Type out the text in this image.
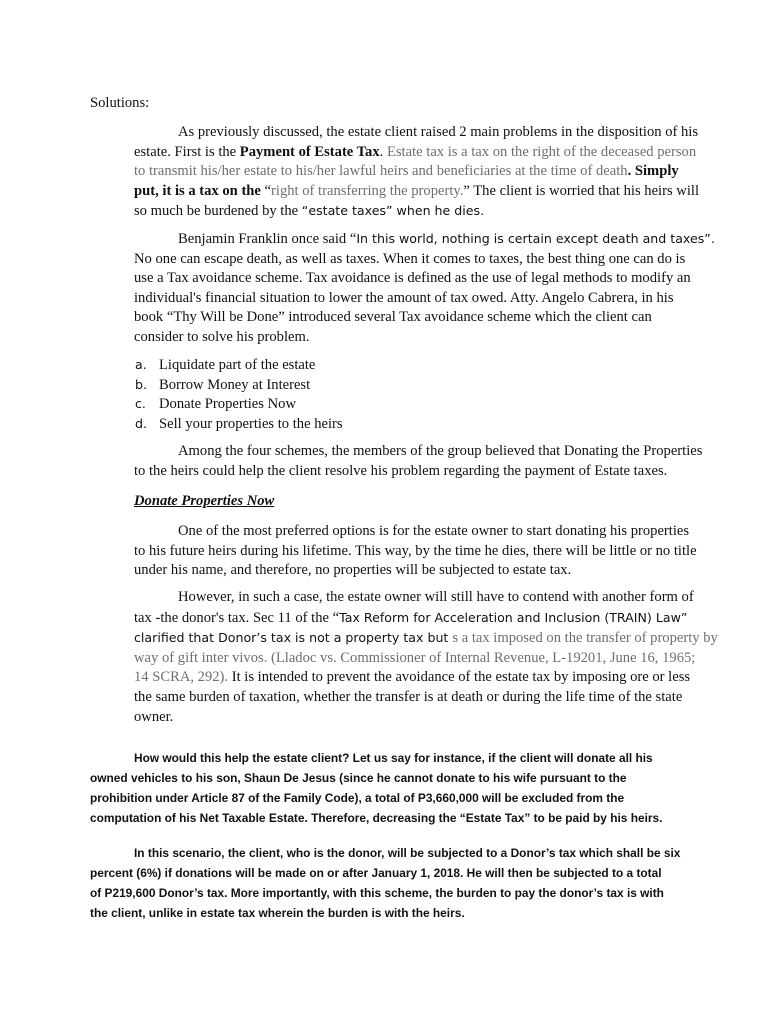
Solutions:

As previously discussed, the estate client raised 2 main problems in the disposition of his
estate. First is the Payment of Estate Tax. Estate tax is a tax on the right of the deceased person
to transmit his/her estate to his/her lawful heirs and beneficiaries at the time of death. Simply
put, it is a tax on the “right of transferring the property.” The client is worried that his heirs will
so much be burdened by the “estate taxes” when he dies.
Benjamin Franklin once said “In this world, nothing is certain except death and taxes”.
No one can escape death, as well as taxes. When it comes to taxes, the best thing one can do is
use a Tax avoidance scheme. Tax avoidance is defined as the use of legal methods to modify an
individual's financial situation to lower the amount of tax owed. Atty. Angelo Cabrera, in his
book “Thy Will be Done” introduced several Tax avoidance scheme which the client can
consider to solve his problem.
a. Liquidate part of the estate
b. Borrow Money at Interest
c. Donate Properties Now
d. Sell your properties to the heirs
Among the four schemes, the members of the group believed that Donating the Properties
to the heirs could help the client resolve his problem regarding the payment of Estate taxes.

Donate Properties Now

One of the most preferred options is for the estate owner to start donating his properties
to his future heirs during his lifetime. This way, by the time he dies, there will be little or no title
under his name, and therefore, no properties will be subjected to estate tax.
However, in such a case, the estate owner will still have to contend with another form of
tax -the donor's tax. Sec 11 of the “Tax Reform for Acceleration and Inclusion (TRAIN) Law”
clarified that Donor’s tax is not a property tax but s a tax imposed on the transfer of property by
way of gift inter vivos. (Lladoc vs. Commissioner of Internal Revenue, L-19201, June 16, 1965;
14 SCRA, 292). It is intended to prevent the avoidance of the estate tax by imposing ore or less
the same burden of taxation, whether the transfer is at death or during the life time of the state
owner.
How would this help the estate client? Let us say for instance, if the client will donate all his
owned vehicles to his son, Shaun De Jesus (since he cannot donate to his wife pursuant to the
prohibition under Article 87 of the Family Code), a total of P3,660,000 will be excluded from the
computation of his Net Taxable Estate. Therefore, decreasing the “Estate Tax” to be paid by his heirs.
In this scenario, the client, who is the donor, will be subjected to a Donor’s tax which shall be six
percent (6%) if donations will be made on or after January 1, 2018. He will then be subjected to a total
of P219,600 Donor’s tax. More importantly, with this scheme, the burden to pay the donor’s tax is with
the client, unlike in estate tax wherein the burden is with the heirs.
